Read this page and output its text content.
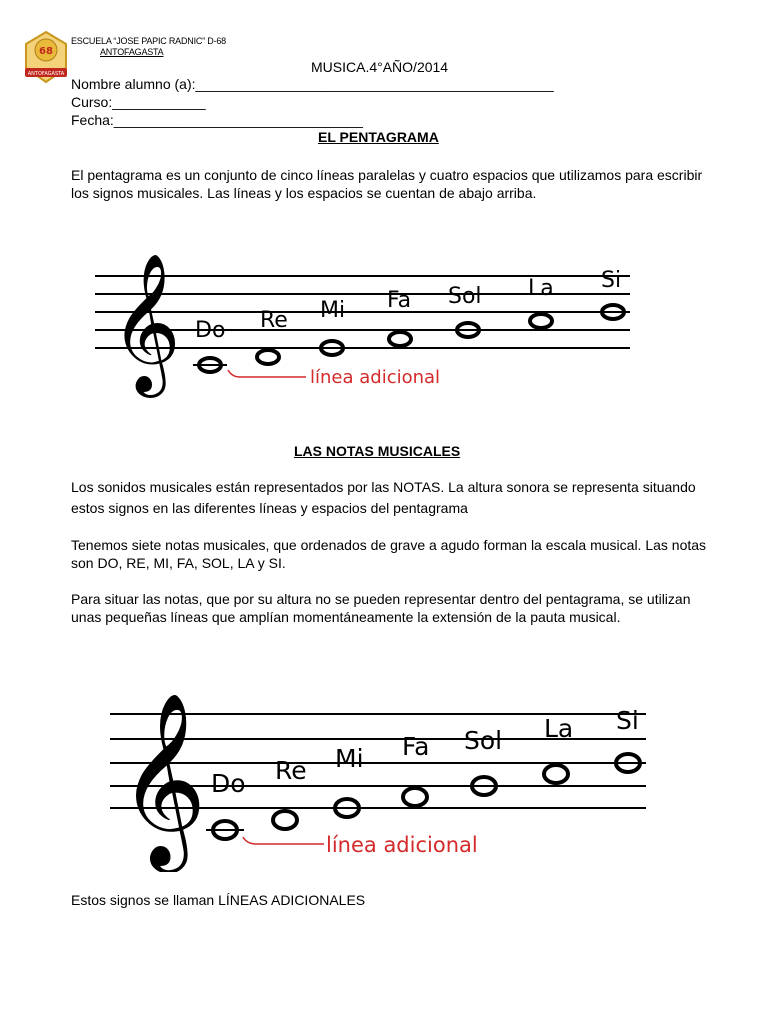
68
ANTOFAGASTA
ESCUELA “JOSE PAPIC RADNIC” D-68
ANTOFAGASTA
MUSICA.4°AÑO/2014
Nombre alumno (a):______________________________________________
Curso:____________
Fecha:________________________________
EL PENTAGRAMA
El pentagrama es un conjunto de cinco líneas paralelas y cuatro espacios que utilizamos para escribir los signos musicales. Las líneas y los espacios se cuentan de abajo arriba.
𝄞 Do Re Mi Fa Sol La Si
línea adicional
LAS NOTAS MUSICALES
Los sonidos musicales están representados por las NOTAS. La altura sonora se representa situando estos signos en las diferentes líneas y espacios del pentagrama
Tenemos siete notas musicales, que ordenados de grave a agudo forman la escala musical. Las notas son DO, RE, MI, FA, SOL, LA y SI.
Para situar las notas, que por su altura no se pueden representar dentro del pentagrama, se utilizan unas pequeñas líneas que amplían momentáneamente la extensión de la pauta musical.
𝄞 Do Re Mi Fa Sol La Si
línea adicional
Estos signos se llaman LÍNEAS ADICIONALES
